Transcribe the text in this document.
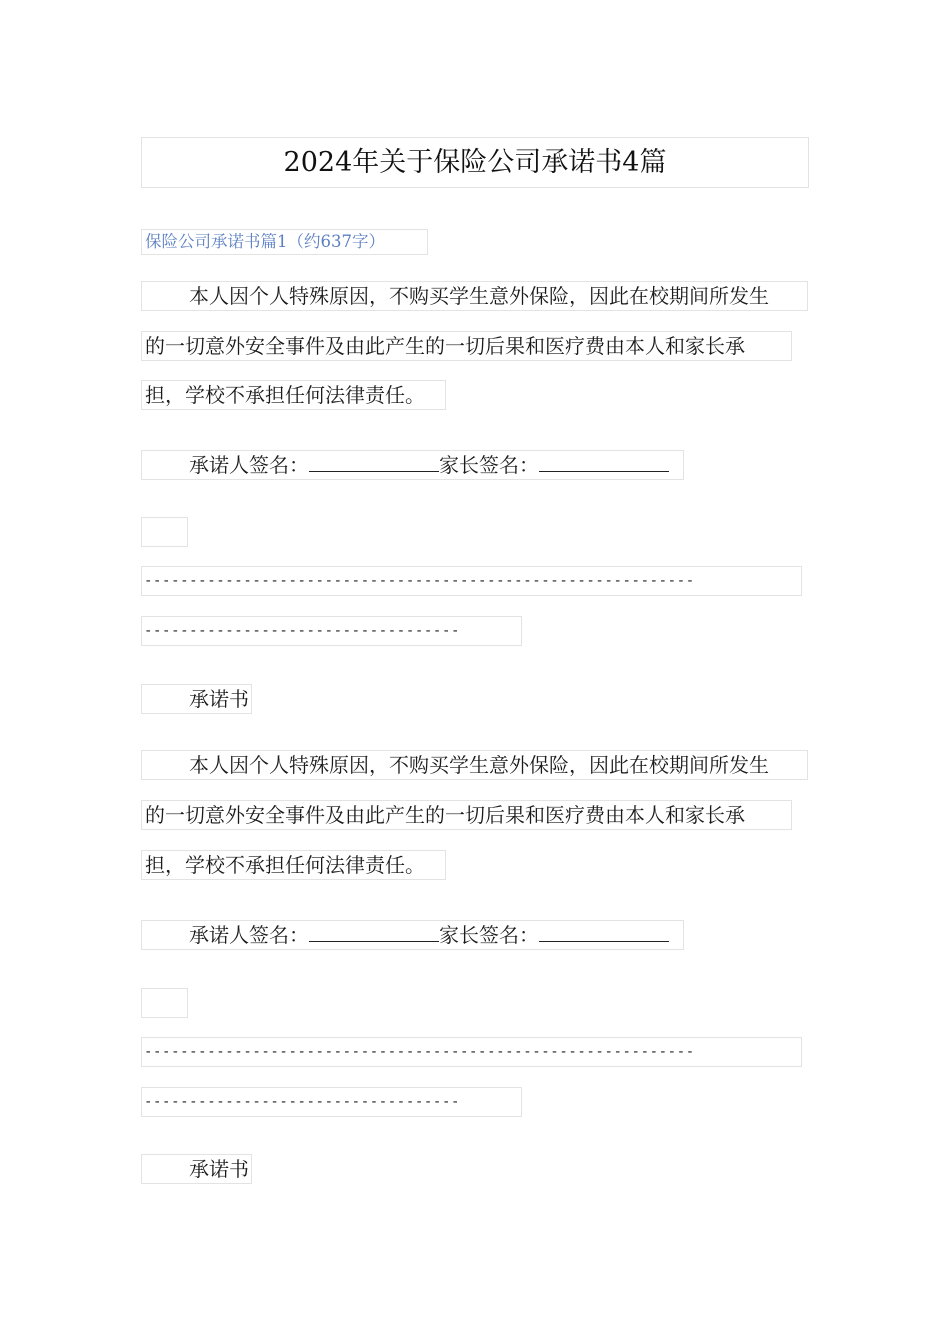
2024年关于保险公司承诺书4篇
保险公司承诺书篇1（约637字）
本人因个人特殊原因，不购买学生意外保险，因此在校期间所发生
的一切意外安全事件及由此产生的一切后果和医疗费由本人和家长承
担，学校不承担任何法律责任。
承诺人签名：	家长签名：
-------------------------------------------------------------
-----------------------------------
承诺书
本人因个人特殊原因，不购买学生意外保险，因此在校期间所发生
的一切意外安全事件及由此产生的一切后果和医疗费由本人和家长承
担，学校不承担任何法律责任。
承诺人签名：	家长签名：
-------------------------------------------------------------
-----------------------------------
承诺书
